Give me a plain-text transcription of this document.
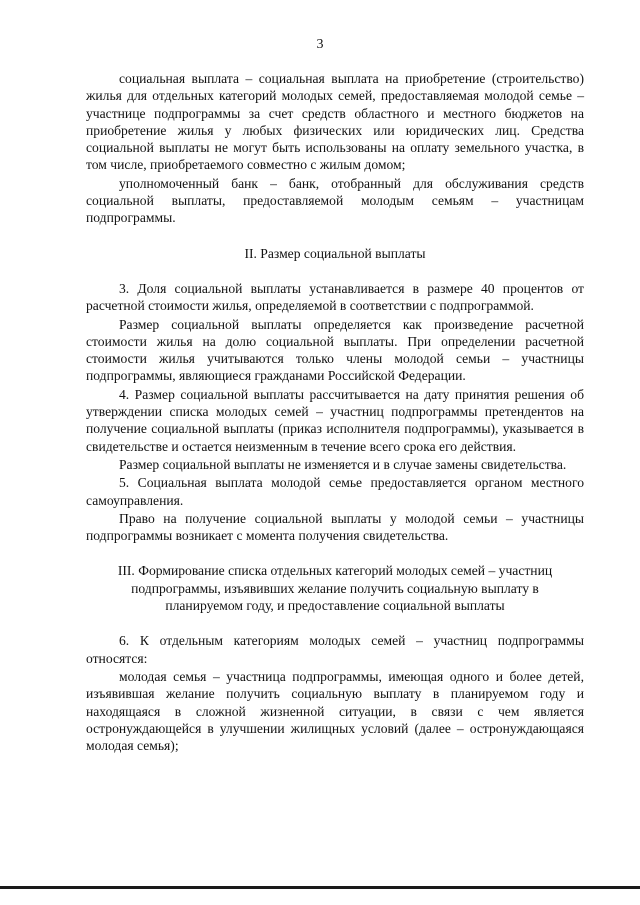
3

социальная выплата – социальная выплата на приобретение (строительство) жилья для отдельных категорий молодых семей, предоставляемая молодой семье – участнице подпрограммы за счет средств областного и местного бюджетов на приобретение жилья у любых физических или юридических лиц. Средства социальной выплаты не могут быть использованы на оплату земельного участка, в том числе, приобретаемого совместно с жилым домом;

уполномоченный банк – банк, отобранный для обслуживания средств социальной выплаты, предоставляемой молодым семьям – участницам подпрограммы.

II. Размер социальной выплаты

3. Доля социальной выплаты устанавливается в размере 40 процентов от расчетной стоимости жилья, определяемой в соответствии с подпрограммой.

Размер социальной выплаты определяется как произведение расчетной стоимости жилья на долю социальной выплаты. При определении расчетной стоимости жилья учитываются только члены молодой семьи – участницы подпрограммы, являющиеся гражданами Российской Федерации.

4. Размер социальной выплаты рассчитывается на дату принятия решения об утверждении списка молодых семей – участниц подпрограммы претендентов на получение социальной выплаты (приказ исполнителя подпрограммы), указывается в свидетельстве и остается неизменным в течение всего срока его действия.

Размер социальной выплаты не изменяется и в случае замены свидетельства.

5. Социальная выплата молодой семье предоставляется органом местного самоуправления.

Право на получение социальной выплаты у молодой семьи – участницы подпрограммы возникает с момента получения свидетельства.

III. Формирование списка отдельных категорий молодых семей – участниц подпрограммы, изъявивших желание получить социальную выплату в планируемом году, и предоставление социальной выплаты

6. К отдельным категориям молодых семей – участниц подпрограммы относятся:

молодая семья – участница подпрограммы, имеющая одного и более детей, изъявившая желание получить социальную выплату в планируемом году и находящаяся в сложной жизненной ситуации, в связи с чем является остронуждающейся в улучшении жилищных условий (далее – остронуждающаяся молодая семья);
